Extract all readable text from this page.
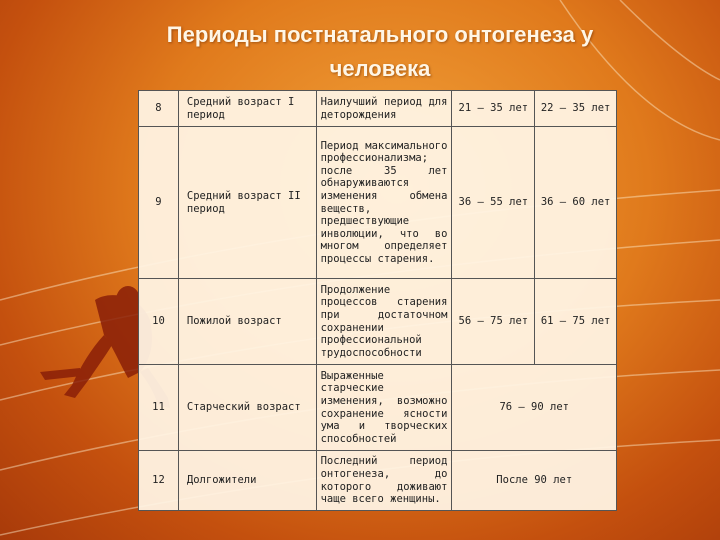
Периоды постнатального онтогенеза у человека
8	Средний возраст I период	Наилучший период для деторождения	21 – 35 лет	22 – 35 лет
9	Средний возраст II период	Период максимального профессионализма; после 35 лет обнаруживаются изменения обмена веществ, предшествующие инволюции, что во многом определяет процессы старения.	36 – 55 лет	36 – 60 лет
10	Пожилой возраст	Продолжение процессов старения при достаточном сохранении профессиональной трудоспособности	56 – 75 лет	61 – 75 лет
11	Старческий возраст	Выраженные старческие изменения, возможно сохранение ясности ума и творческих способностей	76 – 90 лет	
12	Долгожители	Последний период онтогенеза, до которого доживают чаще всего женщины.	После 90 лет	
